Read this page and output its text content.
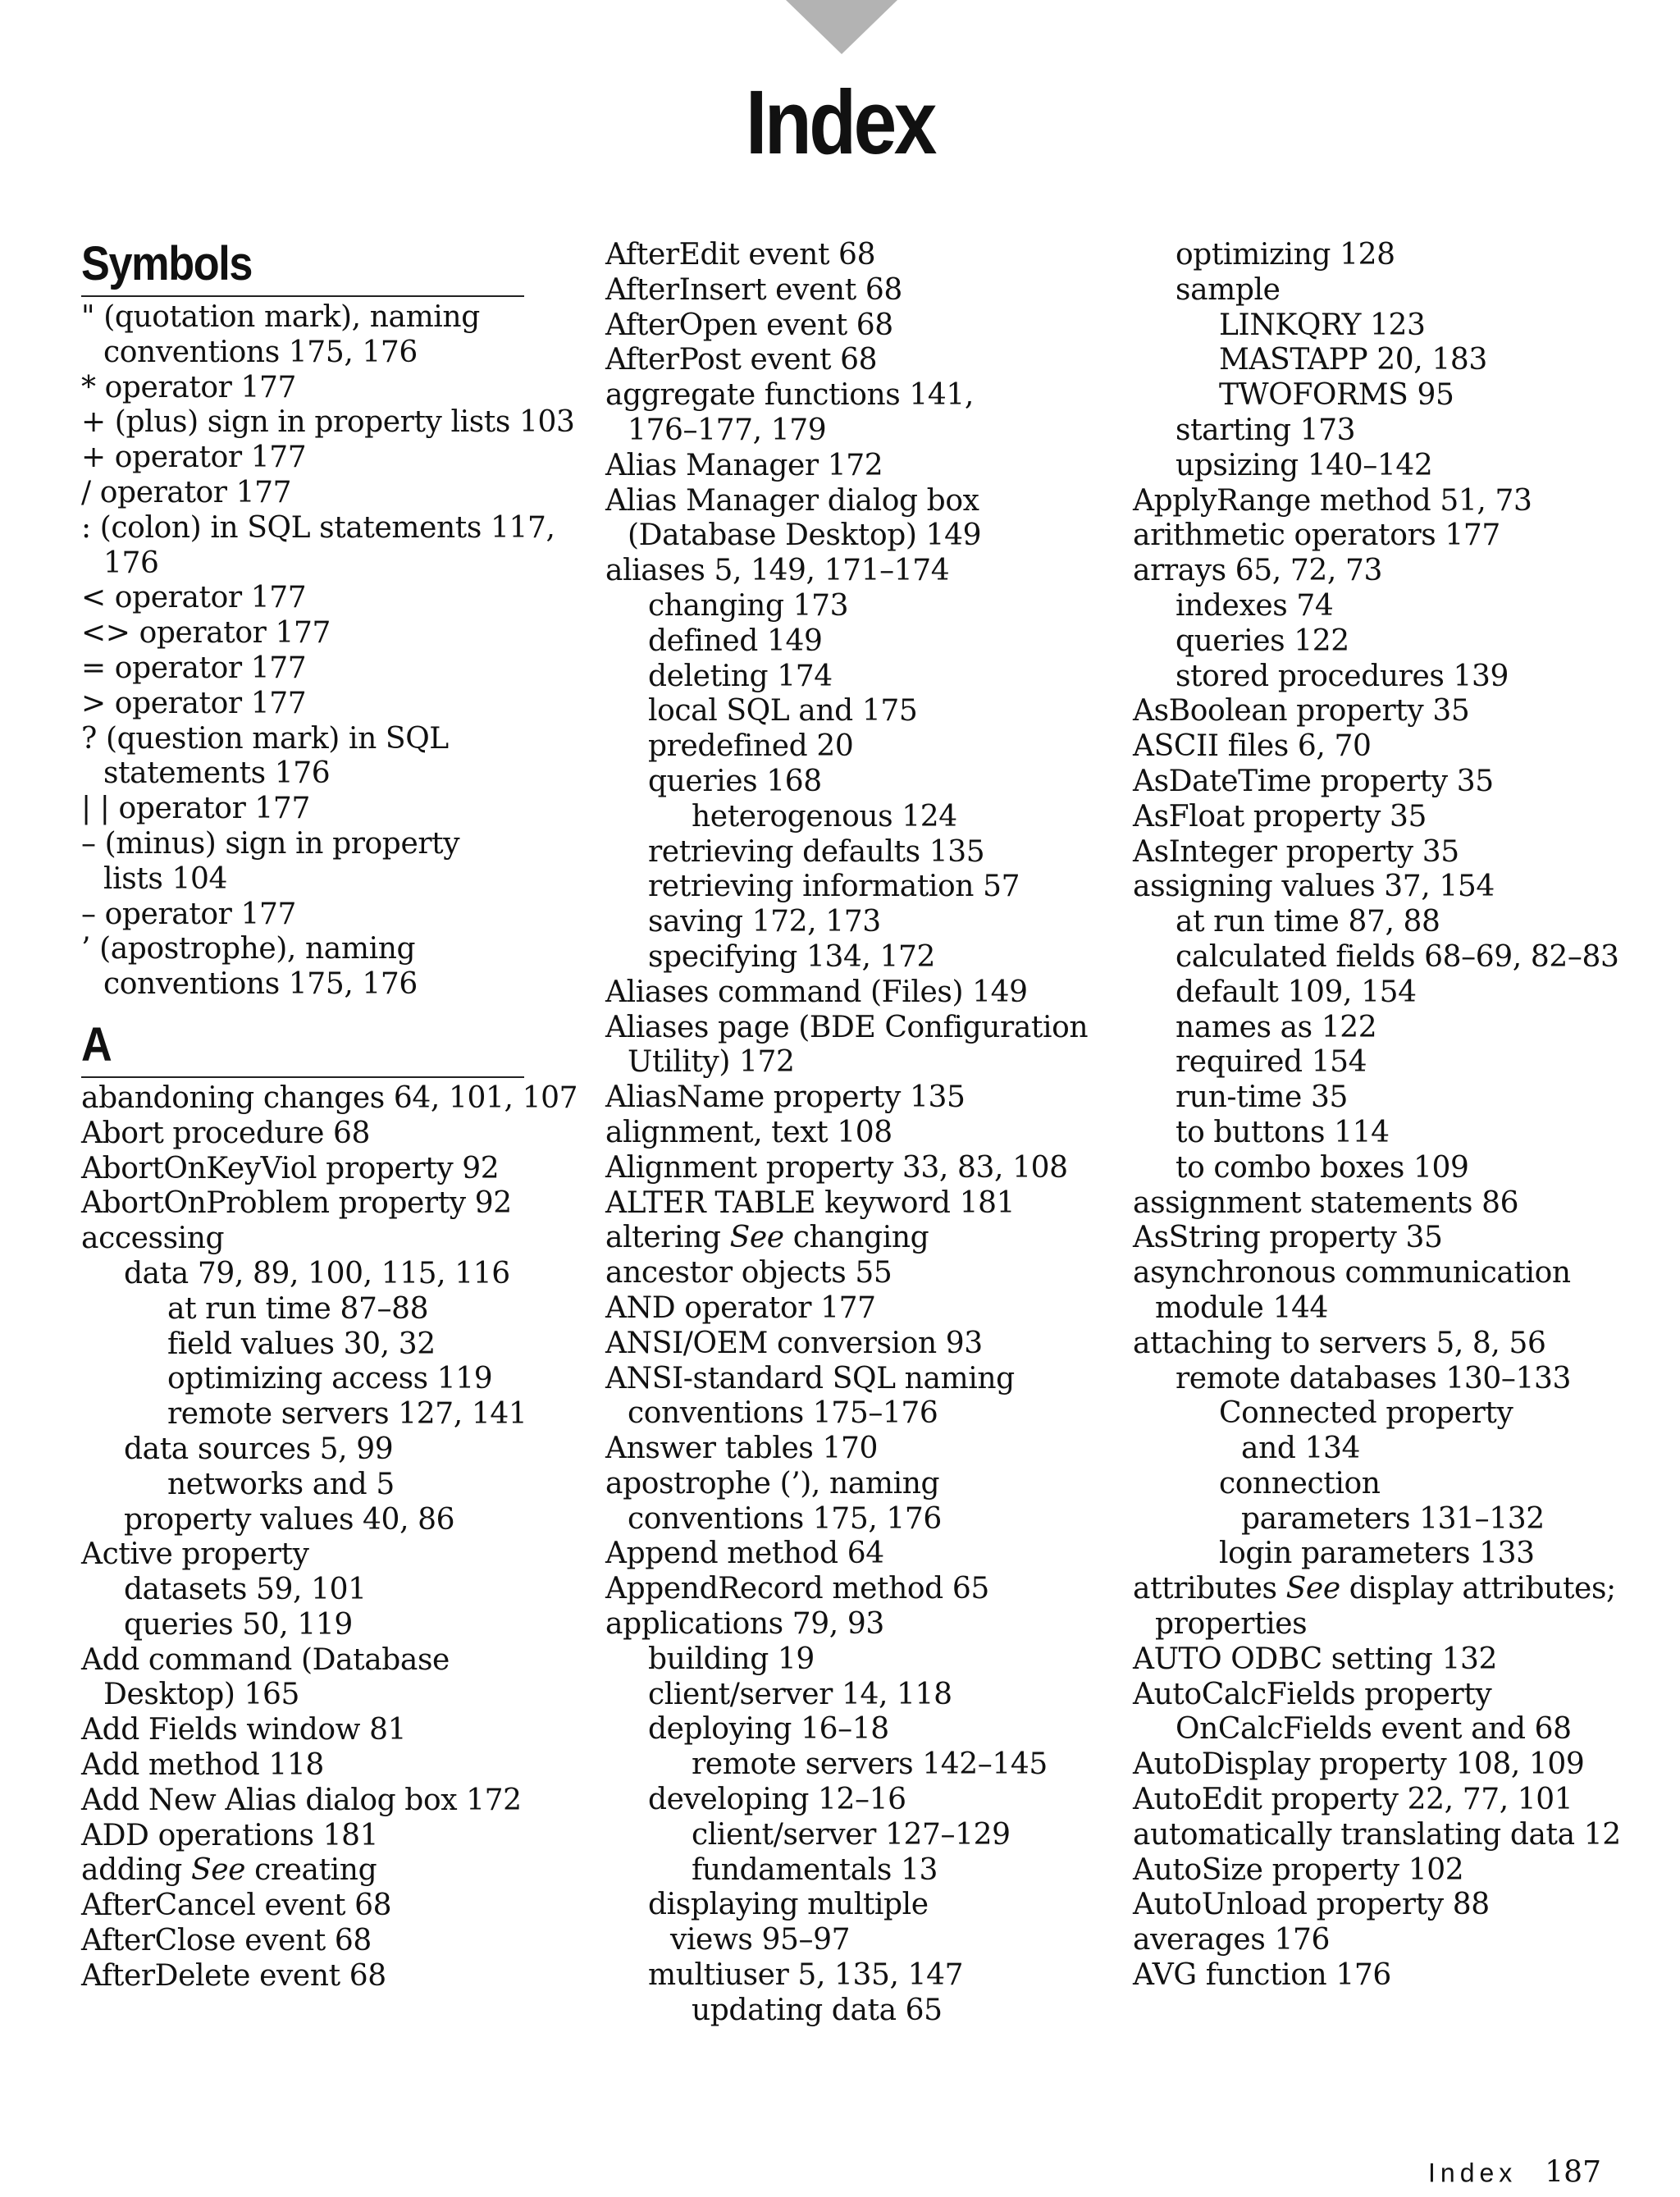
Index
Symbols
" (quotation mark), naming
conventions 175, 176
* operator 177
+ (plus) sign in property lists 103
+ operator 177
/ operator 177
: (colon) in SQL statements 117,
176
< operator 177
<> operator 177
= operator 177
> operator 177
? (question mark) in SQL
statements 176
| | operator 177
– (minus) sign in property
lists 104
– operator 177
’ (apostrophe), naming
conventions 175, 176
A
abandoning changes 64, 101, 107
Abort procedure 68
AbortOnKeyViol property 92
AbortOnProblem property 92
accessing
data 79, 89, 100, 115, 116
at run time 87–88
field values 30, 32
optimizing access 119
remote servers 127, 141
data sources 5, 99
networks and 5
property values 40, 86
Active property
datasets 59, 101
queries 50, 119
Add command (Database
Desktop) 165
Add Fields window 81
Add method 118
Add New Alias dialog box 172
ADD operations 181
adding See creating
AfterCancel event 68
AfterClose event 68
AfterDelete event 68
AfterEdit event 68
AfterInsert event 68
AfterOpen event 68
AfterPost event 68
aggregate functions 141,
176–177, 179
Alias Manager 172
Alias Manager dialog box
(Database Desktop) 149
aliases 5, 149, 171–174
changing 173
defined 149
deleting 174
local SQL and 175
predefined 20
queries 168
heterogenous 124
retrieving defaults 135
retrieving information 57
saving 172, 173
specifying 134, 172
Aliases command (Files) 149
Aliases page (BDE Configuration
Utility) 172
AliasName property 135
alignment, text 108
Alignment property 33, 83, 108
ALTER TABLE keyword 181
altering See changing
ancestor objects 55
AND operator 177
ANSI/OEM conversion 93
ANSI-standard SQL naming
conventions 175–176
Answer tables 170
apostrophe (’), naming
conventions 175, 176
Append method 64
AppendRecord method 65
applications 79, 93
building 19
client/server 14, 118
deploying 16–18
remote servers 142–145
developing 12–16
client/server 127–129
fundamentals 13
displaying multiple
views 95–97
multiuser 5, 135, 147
updating data 65
optimizing 128
sample
LINKQRY 123
MASTAPP 20, 183
TWOFORMS 95
starting 173
upsizing 140–142
ApplyRange method 51, 73
arithmetic operators 177
arrays 65, 72, 73
indexes 74
queries 122
stored procedures 139
AsBoolean property 35
ASCII files 6, 70
AsDateTime property 35
AsFloat property 35
AsInteger property 35
assigning values 37, 154
at run time 87, 88
calculated fields 68–69, 82–83
default 109, 154
names as 122
required 154
run-time 35
to buttons 114
to combo boxes 109
assignment statements 86
AsString property 35
asynchronous communication
module 144
attaching to servers 5, 8, 56
remote databases 130–133
Connected property
and 134
connection
parameters 131–132
login parameters 133
attributes See display attributes;
properties
AUTO ODBC setting 132
AutoCalcFields property
OnCalcFields event and 68
AutoDisplay property 108, 109
AutoEdit property 22, 77, 101
automatically translating data 12
AutoSize property 102
AutoUnload property 88
averages 176
AVG function 176
Index 187
